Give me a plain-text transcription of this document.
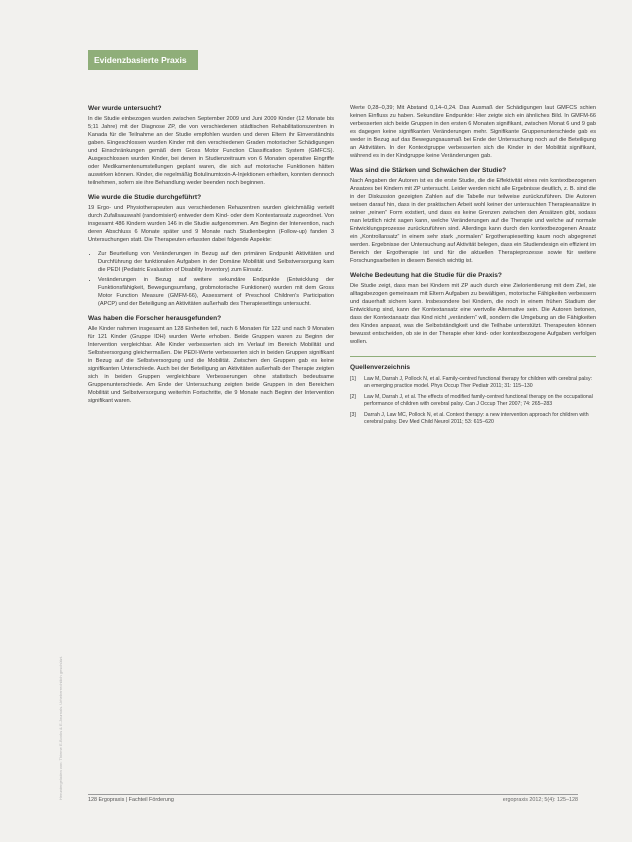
Evidenzbasierte Praxis
Heruntergeladen von: Thieme E-Books & E-Journals. Urheberrechtlich geschützt.
Wer wurde untersucht?

In die Studie einbezogen wurden zwischen September 2009 und Juni 2009 Kinder (12 Monate bis 5;11 Jahre) mit der Diagnose ZP, die von verschiedenen städtischen Rehabilitationszentren in Kanada für die Teilnahme an der Studie empfohlen wurden und deren Eltern ihr Einverständnis gaben. Eingeschlossen wurden Kinder mit den verschiedenen Graden motorischer Schädigungen und Einschränkungen gemäß dem Gross Motor Function Classification System (GMFCS). Ausgeschlossen wurden Kinder, bei denen in Studienzeitraum von 6 Monaten operative Eingriffe oder Medikamentenumstellungen geplant waren, die sich auf motorische Funktionen hätten auswirken können. Kinder, die regelmäßig Botulinumtoxin-A-Injektionen erhielten, konnten dennoch teilnehmen, sofern sie ihre Behandlung weder beenden noch beginnen.

Wie wurde die Studie durchgeführt?

19 Ergo- und Physiotherapeuten aus verschiedenen Rehazentren wurden gleichmäßig verteilt durch Zufallsauswahl (randomisiert) entweder dem Kind- oder dem Kontextansatz zugeordnet. Von insgesamt 486 Kindern wurden 146 in die Studie aufgenommen. Am Beginn der Intervention, nach deren Abschluss 6 Monate später und 9 Monate nach Studienbeginn (Follow-up) fanden 3 Untersuchungen statt. Die Therapeuten erfassten dabei folgende Aspekte:

• Zur Beurteilung von Veränderungen in Bezug auf den primären Endpunkt Aktivitäten und Durchführung der funktionalen Aufgaben in der Domäne Mobilität und Selbstversorgung kam die PEDI (Pediatric Evaluation of Disability Inventory) zum Einsatz.
• Veränderungen in Bezug auf weitere sekundäre Endpunkte (Entwicklung der Funktionsfähigkeit, Bewegungsumfang, grobmotorische Funktionen) wurden mit dem Gross Motor Function Measure (GMFM-66), Assessment of Preschool Children's Participation (APCP) und der Beteiligung an Aktivitäten außerhalb des Therapiesettings untersucht.
Was haben die Forscher herausgefunden?

Alle Kinder nahmen insgesamt an 128 Einheiten teil, nach 6 Monaten für 122 und nach 9 Monaten für 121 Kinder (Gruppe IDH) wurden Werte erhoben. Beide Gruppen waren zu Beginn der Intervention vergleichbar. Alle Kinder verbesserten sich im Verlauf im Bereich Mobilität und Selbstversorgung gleichermaßen. Die PEDI-Werte verbesserten sich in beiden Gruppen signifikant in Bezug auf die Selbstversorgung und die Mobilität. Zwischen den Gruppen gab es keine signifikanten Unterschiede. Auch bei der Beteiligung an Aktivitäten außerhalb der Therapie zeigten sich in beiden Gruppen vergleichbare Verbesserungen ohne statistisch bedeutsame Gruppenunterschiede. Am Ende der Untersuchung zeigten beide Gruppen in den Bereichen Mobilität und Selbstversorgung weiterhin Fortschritte, die 9 Monate nach Beginn der Intervention signifikant waren.

Werte 0,28–0,39; Mit Abstand 0,14–0,24. Das Ausmaß der Schädigungen laut GMFCS schien keinen Einfluss zu haben. Sekundäre Endpunkte: Hier zeigte sich ein ähnliches Bild. In GMFM-66 verbesserten sich beide Gruppen in den ersten 6 Monaten signifikant, zwischen Monat 6 und 9 gab es dagegen keine signifikanten Veränderungen mehr. Signifikante Gruppenunterschiede gab es weder in Bezug auf das Bewegungsausmaß bei Ende der Untersuchung noch auf die Beteiligung an Aktivitäten. In der Kontextgruppe verbesserten sich die Kinder in der Mobilität signifikant, während es in der Kindgruppe keine Veränderungen gab.

Was sind die Stärken und Schwächen der Studie?

Nach Angaben der Autoren ist es die erste Studie, die die Effektivität eines rein kontextbezogenen Ansatzes bei Kindern mit ZP untersucht. Leider werden nicht alle Ergebnisse deutlich, z. B. sind die in der Diskussion gezeigten Zahlen auf die Tabelle nur teilweise zurückzuführen. Die Autoren weisen darauf hin, dass in der praktischen Arbeit wohl keiner der untersuchten Therapieansätze in seiner „reinen“ Form existiert, und dass es keine Grenzen zwischen den Ansätzen gibt, sodass man letztlich nicht sagen kann, welche Veränderungen auf die Therapie und welche auf normale Entwicklungsprozesse zurückzuführen sind. Allerdings kann durch den kontextbezogenen Ansatz ein „Kontrollansatz“ in einem sehr stark „normalen“ Ergotherapiesetting kaum noch abgegrenzt werden. Ergebnisse der Untersuchung auf Aktivität belegen, dass ein Studiendesign ein effizient im Bereich der Ergotherapie ist und für die aktuellen Therapieprozesse sowie für weitere Forschungsarbeiten in diesem Bereich wichtig ist.

Welche Bedeutung hat die Studie für die Praxis?

Die Studie zeigt, dass man bei Kindern mit ZP auch durch eine Zielorientierung mit dem Ziel, sie alltagsbezogen gemeinsam mit Eltern Aufgaben zu bewältigen, motorische Fähigkeiten verbessern und dauerhaft sichern kann. Insbesondere bei Kindern, die noch in einem frühen Stadium der Entwicklung sind, kann der Kontextansatz eine wertvolle Alternative sein. Die Autoren betonen, dass der Kontextansatz das Kind nicht „verändern“ will, sondern die Umgebung an die Fähigkeiten des Kindes anpasst, was die Selbstständigkeit und die Teilhabe unterstützt. Therapeuten können bewusst entscheiden, ob sie in der Therapie eher kind- oder kontextbezogene Aufgaben verfolgen wollen.

Quellenverzeichnis
[1]	Law M, Darrah J, Pollock N, et al. Family-centred functional therapy for children with cerebral palsy: an emerging practice model. Phys Occup Ther Pediatr 2011; 31: 115–130
[2]	Law M, Darrah J, et al. The effects of modified family-centred functional therapy on the occupational performance of children with cerebral palsy. Can J Occup Ther 2007; 74: 265–283
[3]	Darrah J, Law MC, Pollock N, et al. Context therapy: a new intervention approach for children with cerebral palsy. Dev Med Child Neurol 2011; 53: 615–620
128 Ergopraxis | Fachteil Förderung	ergopraxis 2012; 5(4): 125–128
